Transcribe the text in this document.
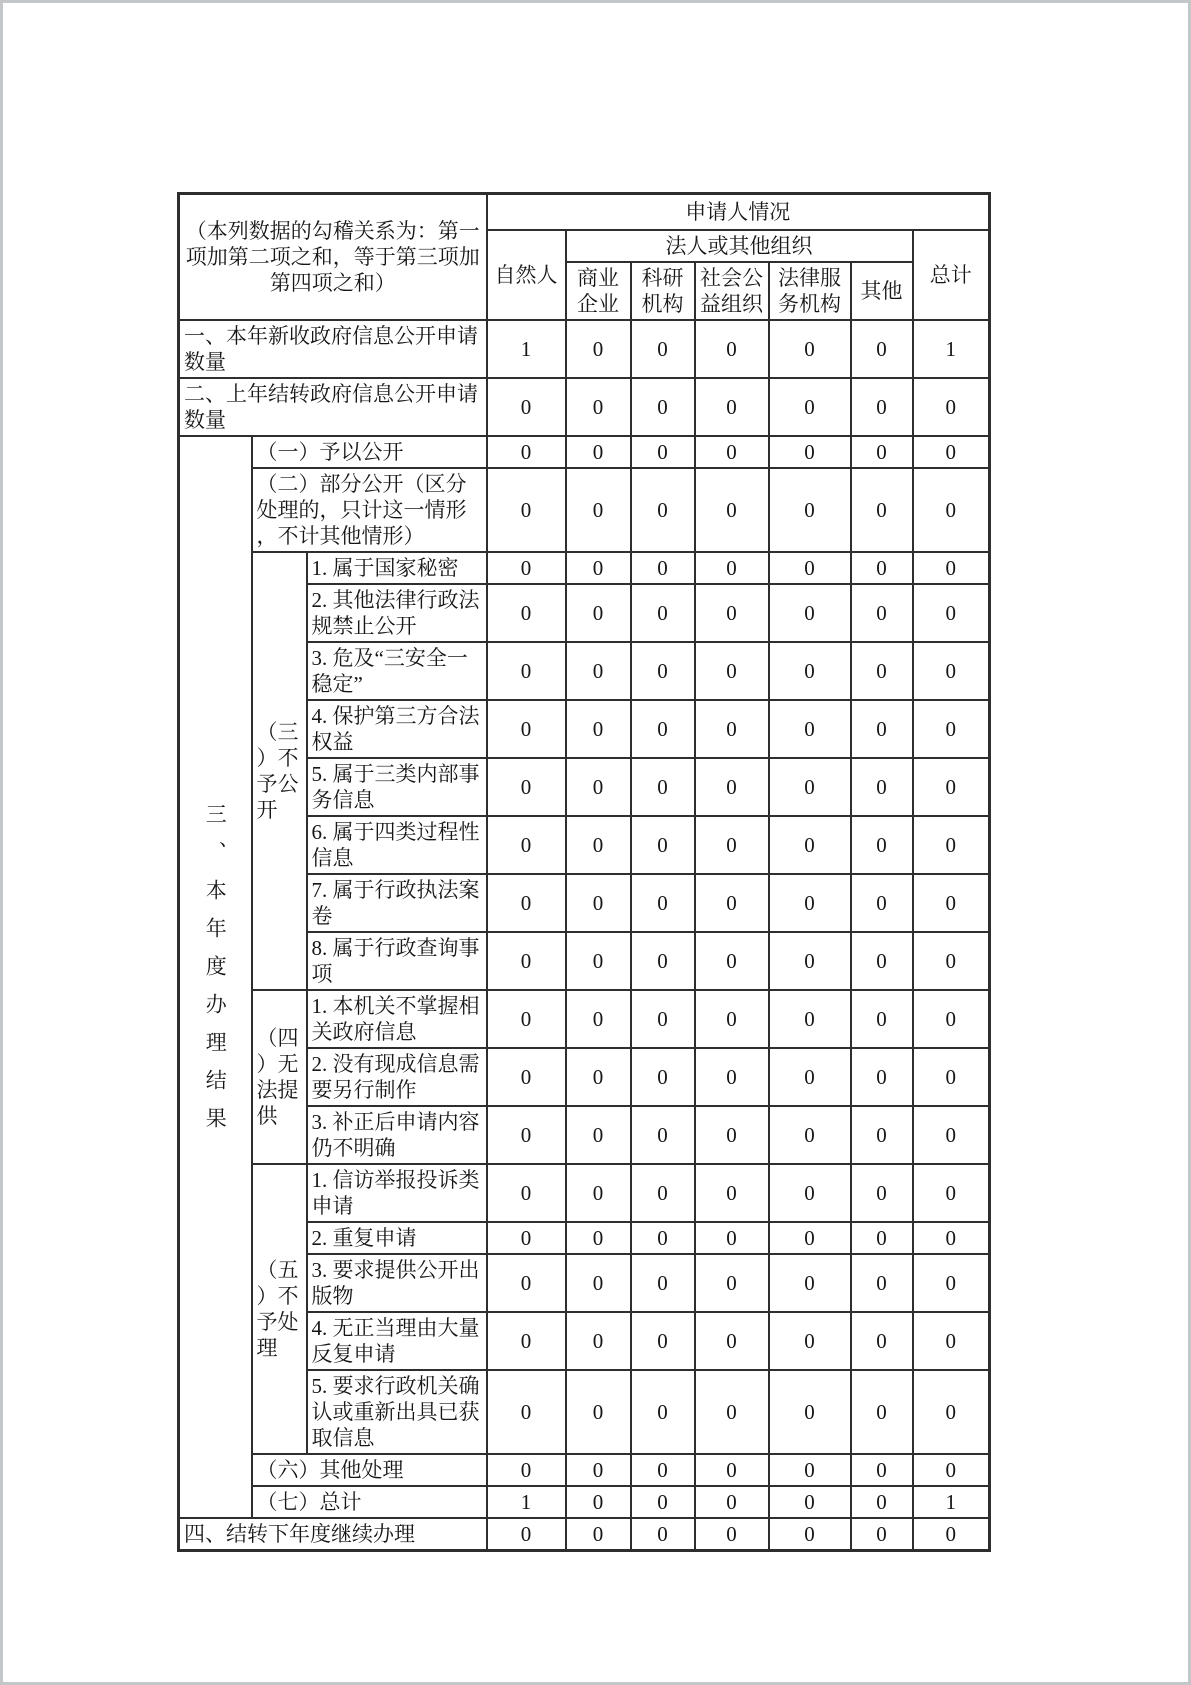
（本列数据的勾稽关系为：第一项加第二项之和，等于第三项加第四项之和）			申请人情况						
			自然人	法人或其他组织					总计
				商业企业	科研机构	社会公益组织	法律服务机构	其他	
一、本年新收政府信息公开申请数量			1	0	0	0	0	0	1
二、上年结转政府信息公开申请数量			0	0	0	0	0	0	0
三、本年度办理结果	（一）予以公开		0	0	0	0	0	0	0
	（二）部分公开（区分处理的，只计这一情形，不计其他情形）		0	0	0	0	0	0	0
	（三）不予公开	1. 属于国家秘密	0	0	0	0	0	0	0
		2. 其他法律行政法规禁止公开	0	0	0	0	0	0	0
		3. 危及“三安全一稳定”	0	0	0	0	0	0	0
		4. 保护第三方合法权益	0	0	0	0	0	0	0
		5. 属于三类内部事务信息	0	0	0	0	0	0	0
		6. 属于四类过程性信息	0	0	0	0	0	0	0
		7. 属于行政执法案卷	0	0	0	0	0	0	0
		8. 属于行政查询事项	0	0	0	0	0	0	0
	（四）无法提供	1. 本机关不掌握相关政府信息	0	0	0	0	0	0	0
		2. 没有现成信息需要另行制作	0	0	0	0	0	0	0
		3. 补正后申请内容仍不明确	0	0	0	0	0	0	0
	（五）不予处理	1. 信访举报投诉类申请	0	0	0	0	0	0	0
		2. 重复申请	0	0	0	0	0	0	0
		3. 要求提供公开出版物	0	0	0	0	0	0	0
		4. 无正当理由大量反复申请	0	0	0	0	0	0	0
		5. 要求行政机关确认或重新出具已获取信息	0	0	0	0	0	0	0
	（六）其他处理		0	0	0	0	0	0	0
	（七）总计		1	0	0	0	0	0	1
四、结转下年度继续办理			0	0	0	0	0	0	0
